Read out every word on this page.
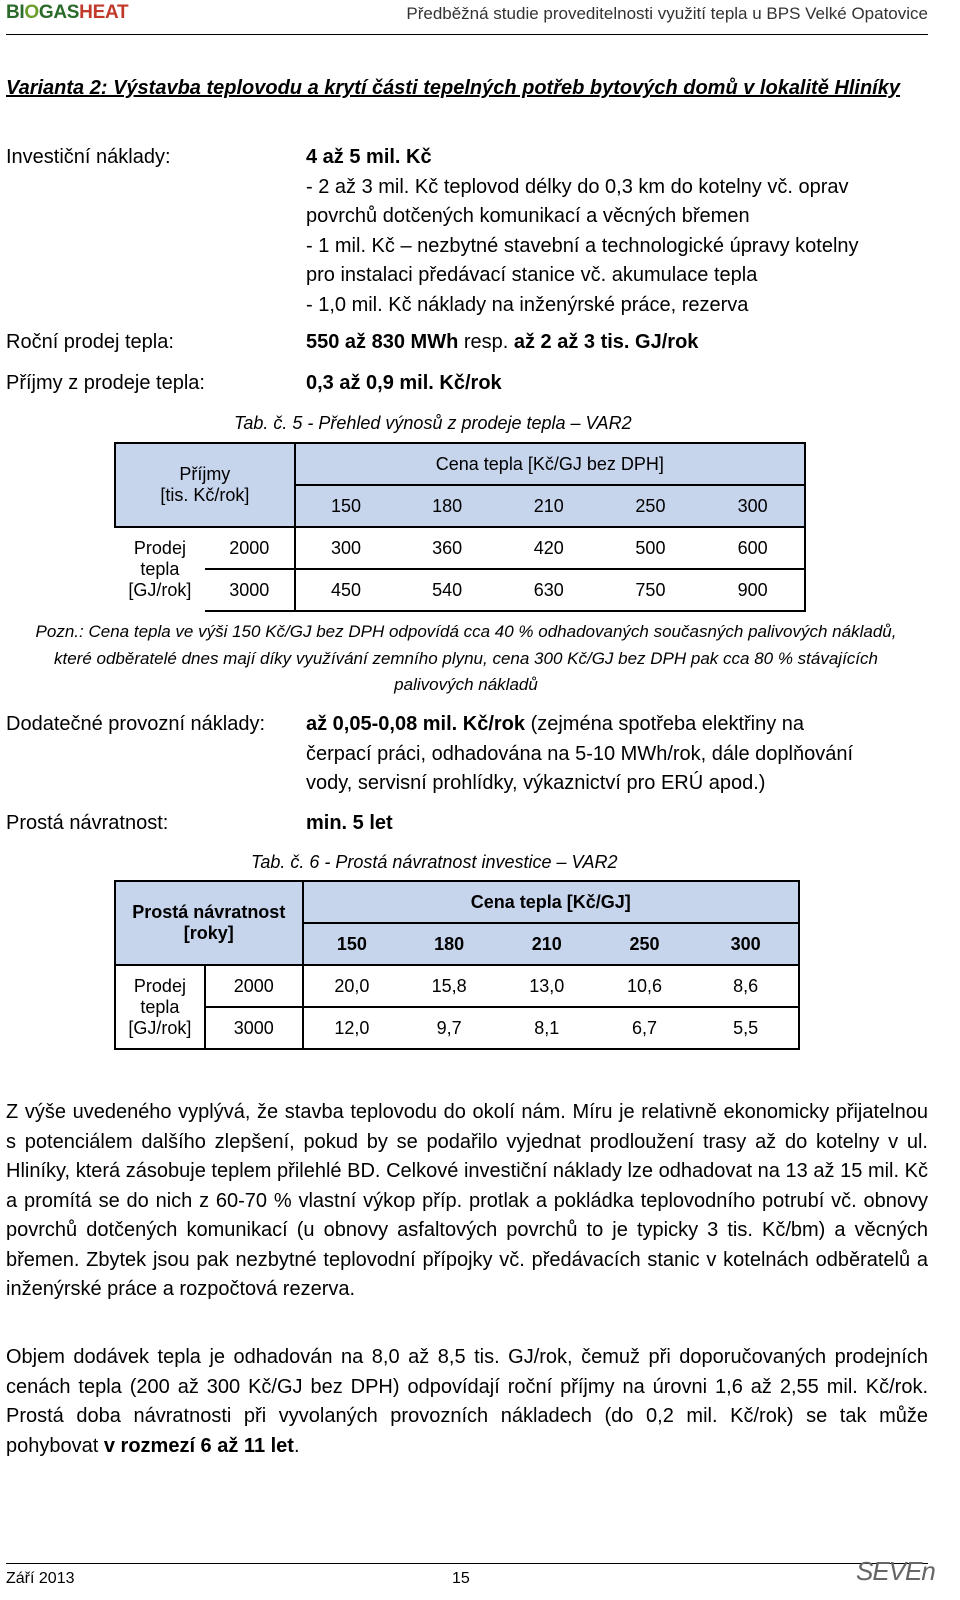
BIOGASHEAT	Předběžná studie proveditelnosti využití tepla u BPS Velké Opatovice
Varianta 2: Výstavba teplovodu a krytí části tepelných potřeb bytových domů v lokalitě Hliníky
Investiční náklady:	4 až 5 mil. Kč
- 2 až 3 mil. Kč teplovod délky do 0,3 km do kotelny vč. oprav
povrchů dotčených komunikací a věcných břemen
- 1 mil. Kč – nezbytné stavební a technologické úpravy kotelny
pro instalaci předávací stanice vč. akumulace tepla
- 1,0 mil. Kč náklady na inženýrské práce, rezerva
Roční prodej tepla:	550 až 830 MWh resp. až 2 až 3 tis. GJ/rok
Příjmy z prodeje tepla:	0,3 až 0,9 mil. Kč/rok
Tab. č. 5 - Přehled výnosů z prodeje tepla – VAR2
Příjmy
[tis. Kč/rok]		Cena tepla [Kč/GJ bez DPH]				
		150	180	210	250	300

Prodej
tepla
[GJ/rok]	2000	300	360	420	500	600
	3000	450	540	630	750	900
Pozn.: Cena tepla ve výši 150 Kč/GJ bez DPH odpovídá cca 40 % odhadovaných současných palivových nákladů, které odběratelé dnes mají díky využívání zemního plynu, cena 300 Kč/GJ bez DPH pak cca 80 % stávajících palivových nákladů
Dodatečné provozní náklady: až 0,05-0,08 mil. Kč/rok (zejména spotřeba elektřiny na
čerpací práci, odhadována na 5-10 MWh/rok, dále doplňování
vody, servisní prohlídky, výkaznictví pro ERÚ apod.)
Prostá návratnost:	min. 5 let
Tab. č. 6 - Prostá návratnost investice – VAR2
Prostá návratnost
[roky]		Cena tepla [Kč/GJ]				
		150	180	210	250	300

Prodej
tepla
[GJ/rok]	2000	20,0	15,8	13,0	10,6	8,6
	3000	12,0	9,7	8,1	6,7	5,5
Z výše uvedeného vyplývá, že stavba teplovodu do okolí nám. Míru je relativně ekonomicky přijatelnou s potenciálem dalšího zlepšení, pokud by se podařilo vyjednat prodloužení trasy až do kotelny v ul. Hliníky, která zásobuje teplem přilehlé BD. Celkové investiční náklady lze odhadovat na 13 až 15 mil. Kč a promítá se do nich z 60-70 % vlastní výkop příp. protlak a pokládka teplovodního potrubí vč. obnovy povrchů dotčených komunikací (u obnovy asfaltových povrchů to je typicky 3 tis. Kč/bm) a věcných břemen. Zbytek jsou pak nezbytné teplovodní přípojky vč. předávacích stanic v kotelnách odběratelů a inženýrské práce a rozpočtová rezerva.
Objem dodávek tepla je odhadován na 8,0 až 8,5 tis. GJ/rok, čemuž při doporučovaných prodejních cenách tepla (200 až 300 Kč/GJ bez DPH) odpovídají roční příjmy na úrovni 1,6 až 2,55 mil. Kč/rok. Prostá doba návratnosti při vyvolaných provozních nákladech (do 0,2 mil. Kč/rok) se tak může pohybovat v rozmezí 6 až 11 let.
Září 2013	15	SEVEn
